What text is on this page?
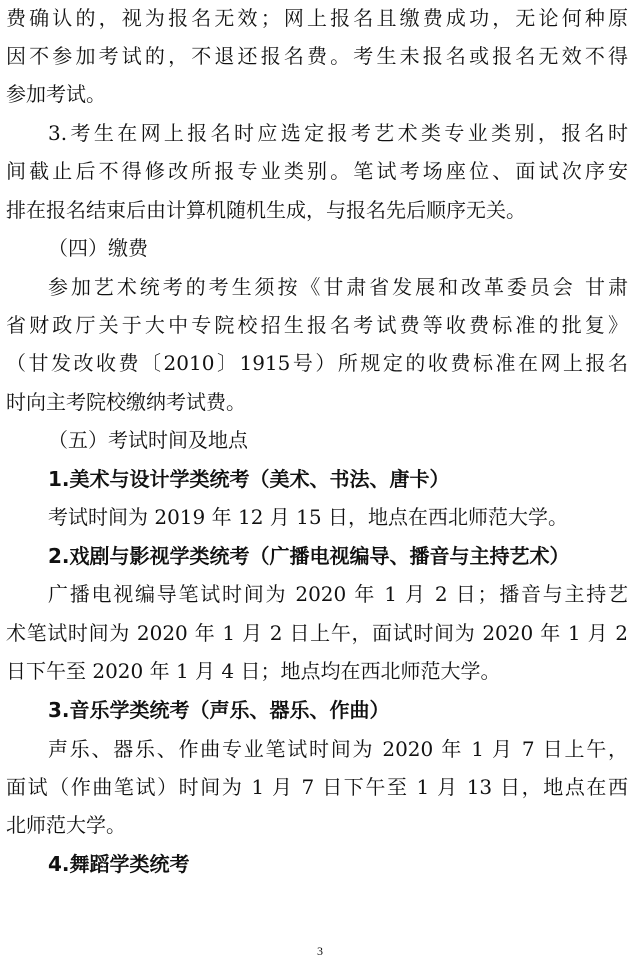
费确认的，视为报名无效；网上报名且缴费成功，无论何种原
因不参加考试的，不退还报名费。考生未报名或报名无效不得
参加考试。
3.考生在网上报名时应选定报考艺术类专业类别，报名时
间截止后不得修改所报专业类别。笔试考场座位、面试次序安
排在报名结束后由计算机随机生成，与报名先后顺序无关。
（四）缴费
参加艺术统考的考生须按《甘肃省发展和改革委员会 甘肃
省财政厅关于大中专院校招生报名考试费等收费标准的批复》
（甘发改收费〔2010〕1915号）所规定的收费标准在网上报名
时向主考院校缴纳考试费。
（五）考试时间及地点
1.美术与设计学类统考（美术、书法、唐卡）
考试时间为 2019 年 12 月 15 日，地点在西北师范大学。
2.戏剧与影视学类统考（广播电视编导、播音与主持艺术）
广播电视编导笔试时间为 2020 年 1 月 2 日；播音与主持艺
术笔试时间为 2020 年 1 月 2 日上午，面试时间为 2020 年 1 月 2
日下午至 2020 年 1 月 4 日；地点均在西北师范大学。
3.音乐学类统考（声乐、器乐、作曲）
声乐、器乐、作曲专业笔试时间为 2020 年 1 月 7 日上午，
面试（作曲笔试）时间为 1 月 7 日下午至 1 月 13 日，地点在西
北师范大学。
4.舞蹈学类统考
3
